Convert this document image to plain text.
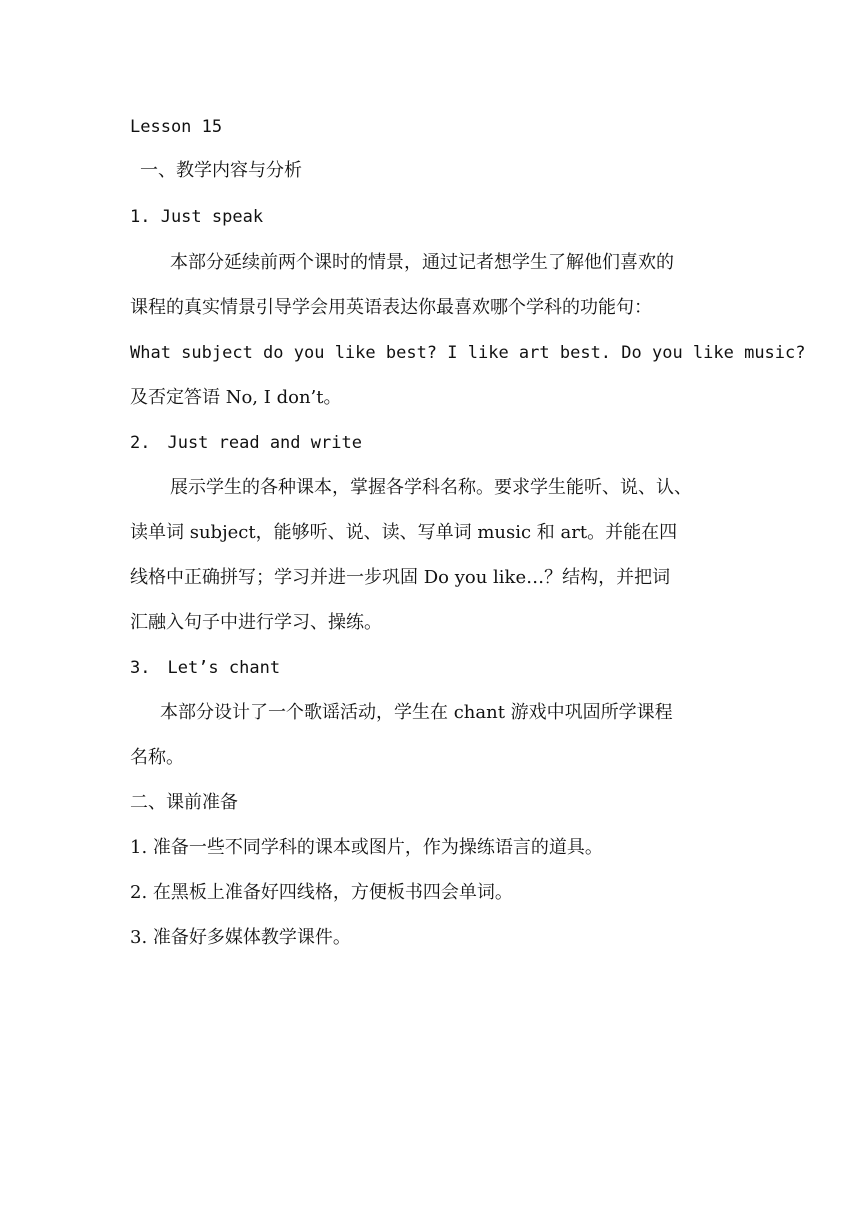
Lesson 15
一、教学内容与分析
1. Just speak
本部分延续前两个课时的情景，通过记者想学生了解他们喜欢的
课程的真实情景引导学会用英语表达你最喜欢哪个学科的功能句：
What subject do you like best? I like art best. Do you like music?
及否定答语 No, I don’t。
2.　Just read and write
展示学生的各种课本，掌握各学科名称。要求学生能听、说、认、
读单词 subject，能够听、说、读、写单词 music 和 art。并能在四
线格中正确拼写；学习并进一步巩固 Do you like…？结构，并把词
汇融入句子中进行学习、操练。
3.　Let’s chant
本部分设计了一个歌谣活动，学生在 chant 游戏中巩固所学课程
名称。
二、课前准备
1. 准备一些不同学科的课本或图片，作为操练语言的道具。
2. 在黑板上准备好四线格，方便板书四会单词。
3. 准备好多媒体教学课件。
